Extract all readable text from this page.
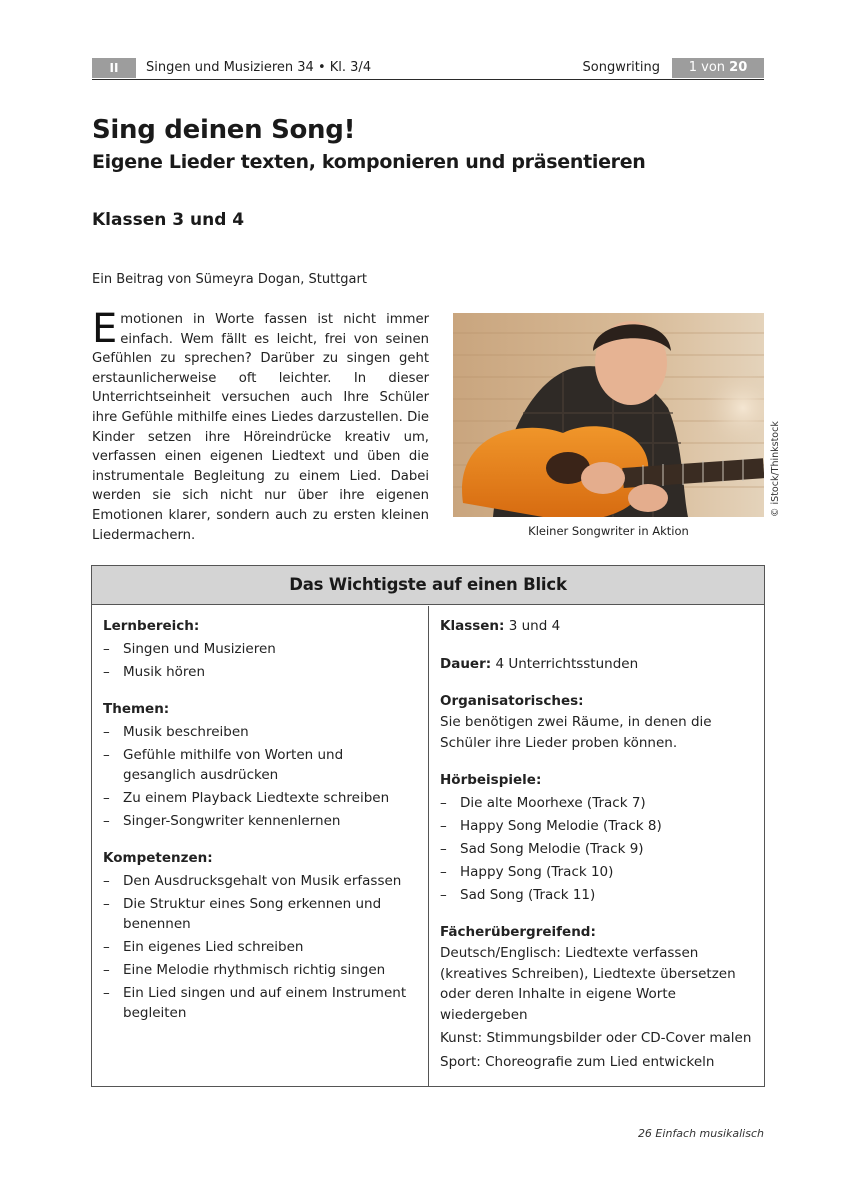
II	Singen und Musizieren 34 • Kl. 3/4	Songwriting	1 von 20
Sing deinen Song!
Eigene Lieder texten, komponieren und präsentieren
Klassen 3 und 4
Ein Beitrag von Sümeyra Dogan, Stuttgart

Emotionen in Worte fassen ist nicht immer einfach. Wem fällt es leicht, frei von seinen Gefühlen zu sprechen? Darüber zu singen geht erstaunlicherweise oft leichter. In dieser Unterrichtseinheit versuchen auch Ihre Schüler ihre Gefühle mithilfe eines Liedes darzustellen. Die Kinder setzen ihre Höreindrücke kreativ um, verfassen einen eigenen Liedtext und üben die instrumentale Begleitung zu einem Lied. Dabei werden sie sich nicht nur über ihre eigenen Emotionen klarer, sondern auch zu ersten kleinen Liedermachern.	Kleiner Songwriter in Aktion
© iStock/Thinkstock
Das Wichtigste auf einen Blick

Lernbereich:

– Singen und Musizieren
– Musik hören

Themen:

– Musik beschreiben
– Gefühle mithilfe von Worten und gesanglich ausdrücken
– Zu einem Playback Liedtexte schreiben
– Singer-Songwriter kennenlernen

Kompetenzen:

– Den Ausdrucksgehalt von Musik erfassen
– Die Struktur eines Song erkennen und benennen
– Ein eigenes Lied schreiben
– Eine Melodie rhythmisch richtig singen
– Ein Lied singen und auf einem Instrument begleiten

Klassen: 3 und 4

Dauer: 4 Unterrichtsstunden

Organisatorisches:

Sie benötigen zwei Räume, in denen die Schüler ihre Lieder proben können.

Hörbeispiele:

– Die alte Moorhexe (Track 7)
– Happy Song Melodie (Track 8)
– Sad Song Melodie (Track 9)
– Happy Song (Track 10)
– Sad Song (Track 11)

Fächerübergreifend:

Deutsch/Englisch: Liedtexte verfassen (kreatives Schreiben), Liedtexte übersetzen oder deren Inhalte in eigene Worte wiedergeben

Kunst: Stimmungsbilder oder CD-Cover malen

Sport: Choreografie zum Lied entwickeln

26 Einfach musikalisch
